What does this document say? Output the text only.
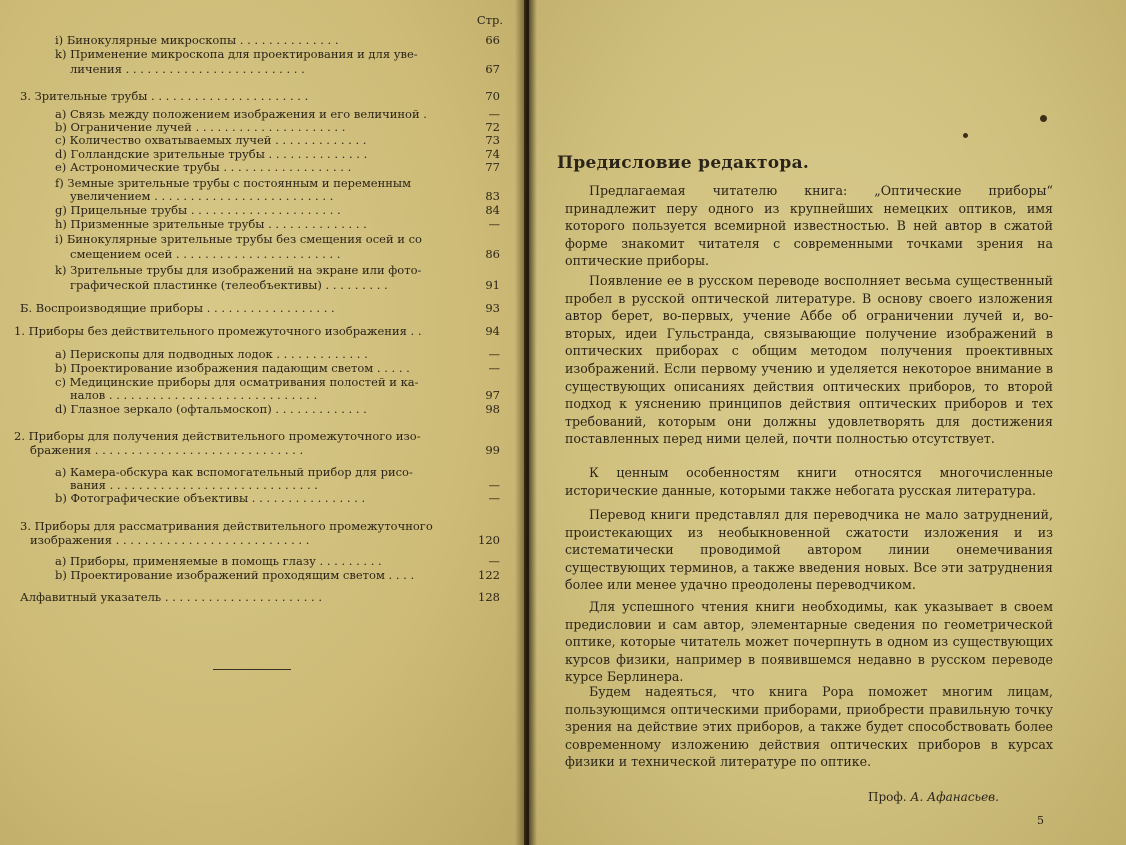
Стр.
i) Бинокулярные микроскопы . . . . . . . . . . . . . .	66
k) Применение микроскопа для проектирования и для уве-
личения . . . . . . . . . . . . . . . . . . . . . . . . .	67
3. Зрительные трубы . . . . . . . . . . . . . . . . . . . . . .	70
a) Связь между положением изображения и его величиной .	—
b) Ограничение лучей . . . . . . . . . . . . . . . . . . . . .	72
c) Количество охватываемых лучей . . . . . . . . . . . . .	73
d) Голландские зрительные трубы . . . . . . . . . . . . . .	74
e) Астрономические трубы . . . . . . . . . . . . . . . . . .	77
f) Земные зрительные трубы с постоянным и переменным
увеличением . . . . . . . . . . . . . . . . . . . . . . . . .	83
g) Прицельные трубы . . . . . . . . . . . . . . . . . . . . .	84
h) Призменные зрительные трубы . . . . . . . . . . . . . .	—
i) Бинокулярные зрительные трубы без смещения осей и со
смещением осей . . . . . . . . . . . . . . . . . . . . . . .	86
k) Зрительные трубы для изображений на экране или фото-
графической пластинке (телеобъективы) . . . . . . . . .	91
Б. Воспроизводящие приборы . . . . . . . . . . . . . . . . . .	93
1. Приборы без действительного промежуточного изображения . .	94
a) Перископы для подводных лодок . . . . . . . . . . . . .	—
b) Проектирование изображения падающим светом . . . . .	—
c) Медицинские приборы для осматривания полостей и ка-
налов . . . . . . . . . . . . . . . . . . . . . . . . . . . . .	97
d) Глазное зеркало (офтальмоскоп) . . . . . . . . . . . . .	98
2. Приборы для получения действительного промежуточного изо-
бражения . . . . . . . . . . . . . . . . . . . . . . . . . . . . .	99
a) Камера-обскура как вспомогательный прибор для рисо-
вания . . . . . . . . . . . . . . . . . . . . . . . . . . . . .	—
b) Фотографические объективы . . . . . . . . . . . . . . . .	—
3. Приборы для рассматривания действительного промежуточного
изображения . . . . . . . . . . . . . . . . . . . . . . . . . . .	120
a) Приборы, применяемые в помощь глазу . . . . . . . . .	—
b) Проектирование изображений проходящим светом . . . .	122
Алфавитный указатель . . . . . . . . . . . . . . . . . . . . . .	128
Предисловие редактора.
Предлагаемая читателю книга: „Оптические приборы“ принадлежит перу одного из крупнейших немецких оптиков, имя которого пользуется всемирной известностью. В ней автор в сжатой форме знакомит читателя с современными точками зрения на оптические приборы.
Появление ее в русском переводе восполняет весьма существенный пробел в русской оптической литературе. В основу своего изложения автор берет, во-первых, учение Аббе об ограничении лучей и, во-вторых, идеи Гульстранда, связывающие получение изображений в оптических приборах с общим методом получения проективных изображений. Если первому учению и уделяется некоторое внимание в существующих описаниях действия оптических приборов, то второй подход к уяснению принципов действия оптических приборов и тех требований, которым они должны удовлетворять для достижения поставленных перед ними целей, почти полностью отсутствует.
К ценным особенностям книги относятся многочисленные исторические данные, которыми также небогата русская литература.
Перевод книги представлял для переводчика не мало затруднений, проистекающих из необыкновенной сжатости изложения и из систематически проводимой автором линии онемечивания существующих терминов, а также введения новых. Все эти затруднения более или менее удачно преодолены переводчиком.
Для успешного чтения книги необходимы, как указывает в своем предисловии и сам автор, элементарные сведения по геометрической оптике, которые читатель может почерпнуть в одном из существующих курсов физики, например в появившемся недавно в русском переводе курсе Берлинера.
Будем надеяться, что книга Рора поможет многим лицам, пользующимся оптическими приборами, приобрести правильную точку зрения на действие этих приборов, а также будет способствовать более современному изложению действия оптических приборов в курсах физики и технической литературе по оптике.
Проф. А. Афанасьев.
5
